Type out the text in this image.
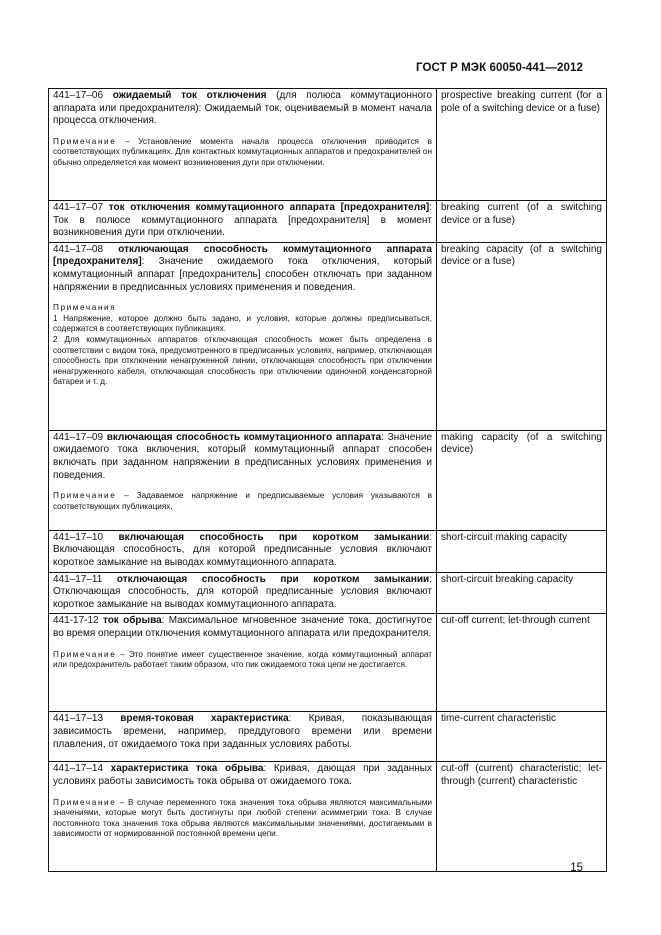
ГОСТ Р МЭК 60050-441—2012
441–17–06 ожидаемый ток отключения (для полюса коммутационного аппарата или предохранителя): Ожидаемый ток, оцениваемый в момент начала процесса отключения.
Примечание – Установление момента начала процесса отключения приводится в соответствующих публикациях. Для контактных коммутационных аппаратов и предохранителей он обычно определяется как момент возникновения дуги при отключении.	prospective breaking current (for a pole of a switching device or a fuse)

441–17–07 ток отключения коммутационного аппарата [предохранителя]: Ток в полюсе коммутационного аппарата [предохранителя] в момент возникновения дуги при отключении.	breaking current (of a switching device or a fuse)

441–17–08 отключающая способность коммутационного аппарата [предохранителя]: Значение ожидаемого тока отключения, который коммутационный аппарат [предохранитель] способен отключать при заданном напряжении в предписанных условиях применения и поведения.
Примечания
1 Напряжение, которое должно быть задано, и условия, которые должны предписываться, содержатся в соответствующих публикациях.
2 Для коммутационных аппаратов отключающая способность может быть определена в соответствии с видом тока, предусмотренного в предписанных условиях, например, отключающая способность при отключении ненагруженной линии, отключающая способность при отключении ненагруженного кабеля, отключающая способность при отключении одиночной конденсаторной батареи и т. д.	breaking capacity (of a switching device or a fuse)

441–17–09 включающая способность коммутационного аппарата: Значение ожидаемого тока включения, который коммутационный аппарат способен включать при заданном напряжении в предписанных условиях применения и поведения.
Примечание – Задаваемое напряжение и предписываемые условия указываются в соответствующих публикациях.	making capacity (of a switching device)

441–17–10 включающая способность при коротком замыкании: Включающая способность, для которой предписанные условия включают короткое замыкание на выводах коммутационного аппарата.	short-circuit making capacity

441–17–11 отключающая способность при коротком замыкании: Отключающая способность, для которой предписанные условия включают короткое замыкание на выводах коммутационного аппарата.	short-circuit breaking capacity

441-17-12 ток обрыва: Максимальное мгновенное значение тока, достигнутое во время операции отключения коммутационного аппарата или предохранителя.
Примечание – Это понятие имеет существенное значение, когда коммутационный аппарат или предохранитель работает таким образом, что пик ожидаемого тока цепи не достигается.	cut-off current; let-through current

441–17–13 время-токовая характеристика: Кривая, показывающая зависимость времени, например, преддугового времени или времени плавления, от ожидаемого тока при заданных условиях работы.	time-current characteristic

441–17–14 характеристика тока обрыва: Кривая, дающая при заданных условиях работы зависимость тока обрыва от ожидаемого тока.
Примечание – В случае переменного тока значения тока обрыва являются максимальными значениями, которые могут быть достигнуты при любой степени асимметрии тока. В случае постоянного тока значения тока обрыва являются максимальными значениями, достигаемыми в зависимости от нормированной постоянной времени цепи.	cut-off (current) characteristic; let-through (current) characteristic
15
